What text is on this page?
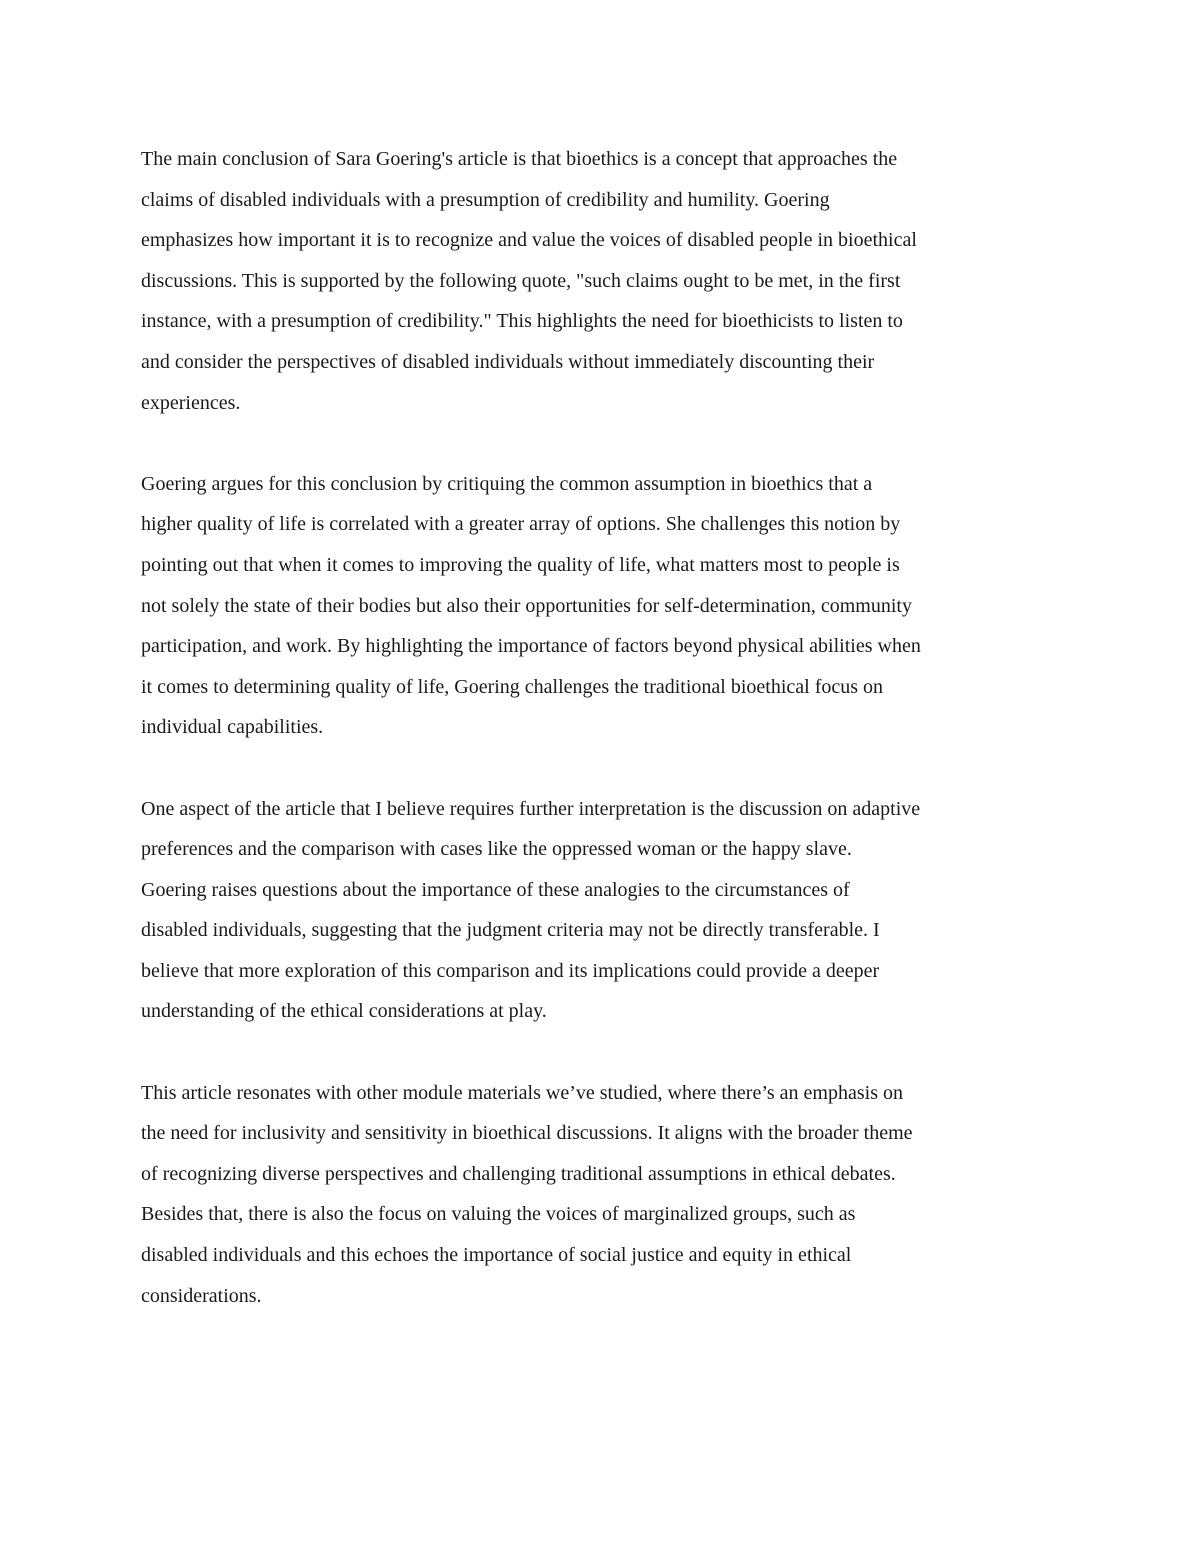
The main conclusion of Sara Goering's article is that bioethics is a concept that approaches the
claims of disabled individuals with a presumption of credibility and humility. Goering
emphasizes how important it is to recognize and value the voices of disabled people in bioethical
discussions. This is supported by the following quote, "such claims ought to be met, in the first
instance, with a presumption of credibility." This highlights the need for bioethicists to listen to
and consider the perspectives of disabled individuals without immediately discounting their
experiences.

Goering argues for this conclusion by critiquing the common assumption in bioethics that a
higher quality of life is correlated with a greater array of options. She challenges this notion by
pointing out that when it comes to improving the quality of life, what matters most to people is
not solely the state of their bodies but also their opportunities for self-determination, community
participation, and work. By highlighting the importance of factors beyond physical abilities when
it comes to determining quality of life, Goering challenges the traditional bioethical focus on
individual capabilities.

One aspect of the article that I believe requires further interpretation is the discussion on adaptive
preferences and the comparison with cases like the oppressed woman or the happy slave.
Goering raises questions about the importance of these analogies to the circumstances of
disabled individuals, suggesting that the judgment criteria may not be directly transferable. I
believe that more exploration of this comparison and its implications could provide a deeper
understanding of the ethical considerations at play.

This article resonates with other module materials we’ve studied, where there’s an emphasis on
the need for inclusivity and sensitivity in bioethical discussions. It aligns with the broader theme
of recognizing diverse perspectives and challenging traditional assumptions in ethical debates.
Besides that, there is also the focus on valuing the voices of marginalized groups, such as
disabled individuals and this echoes the importance of social justice and equity in ethical
considerations.
